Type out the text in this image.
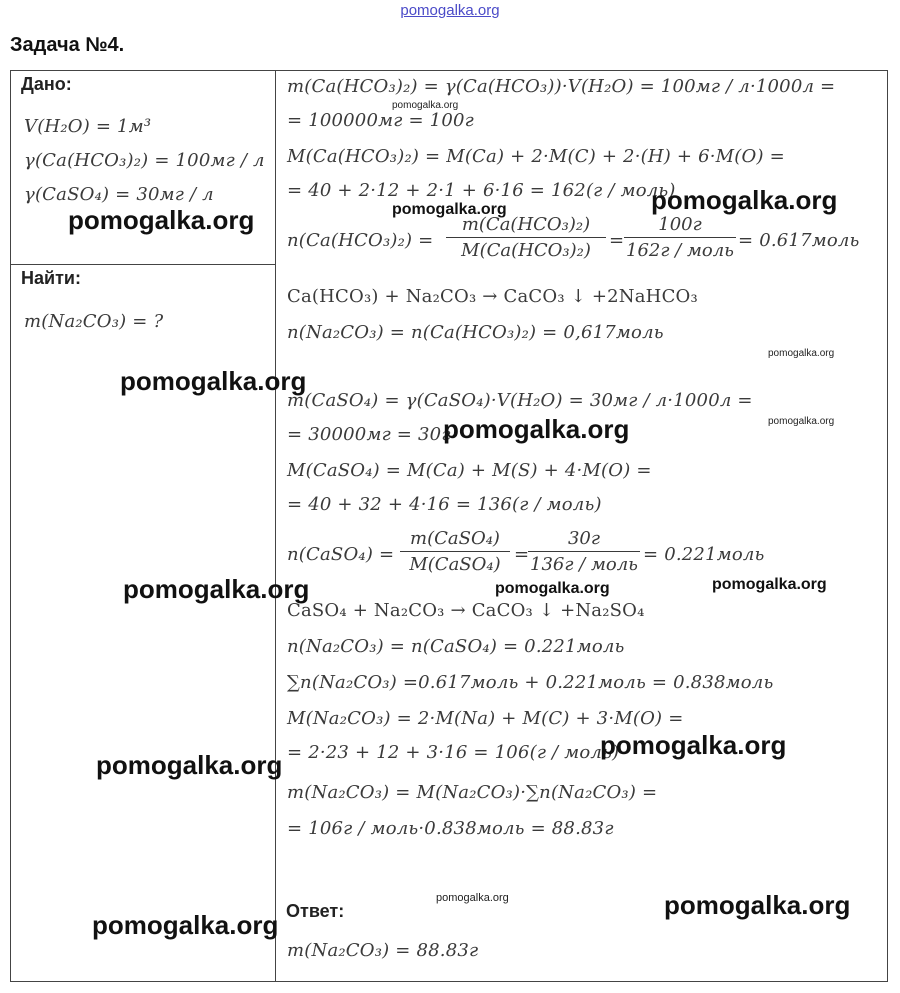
pomogalka.org
Задача №4.
Дано:
V(H₂O) = 1м³
γ(Ca(HCO₃)₂) = 100мг / л
γ(CaSO₄) = 30мг / л
Найти:
m(Na₂CO₃) = ?
m(Ca(HCO₃)₂) = γ(Ca(HCO₃))·V(H₂O) = 100мг / л·1000л =
= 100000мг = 100г
M(Ca(HCO₃)₂) = M(Ca) + 2·M(C) + 2·(H) + 6·M(O) =
= 40 + 2·12 + 2·1 + 6·16 = 162(г / моль)
n(Ca(HCO₃)₂) =
m(Ca(HCO₃)₂)
M(Ca(HCO₃)₂)	=
100г
162г / моль = 0.617моль
Ca(HCO₃) + Na₂CO₃ → CaCO₃ ↓ +2NaHCO₃
n(Na₂CO₃) = n(Ca(HCO₃)₂) = 0,617моль
m(CaSO₄) = γ(CaSO₄)·V(H₂O) = 30мг / л·1000л =
= 30000мг = 30г
M(CaSO₄) = M(Ca) + M(S) + 4·M(O) =
= 40 + 32 + 4·16 = 136(г / моль)
n(CaSO₄) =
m(CaSO₄)
M(CaSO₄) =
30г
136г / моль = 0.221моль
CaSO₄ + Na₂CO₃ → CaCO₃ ↓ +Na₂SO₄
n(Na₂CO₃) = n(CaSO₄) = 0.221моль
∑n(Na₂CO₃) =0.617моль + 0.221моль = 0.838моль
M(Na₂CO₃) = 2·M(Na) + M(C) + 3·M(O) =
= 2·23 + 12 + 3·16 = 106(г / моль)
m(Na₂CO₃) = M(Na₂CO₃)·∑n(Na₂CO₃) =
= 106г / моль·0.838моль = 88.83г
Ответ:
m(Na₂CO₃) = 88.83г
pomogalka.org
pomogalka.org
pomogalka.org
pomogalka.org
pomogalka.org
pomogalka.org
pomogalka.org
pomogalka.org
pomogalka.org
pomogalka.org
pomogalka.org
pomogalka.org
pomogalka.org
pomogalka.org
pomogalka.org
pomogalka.org
